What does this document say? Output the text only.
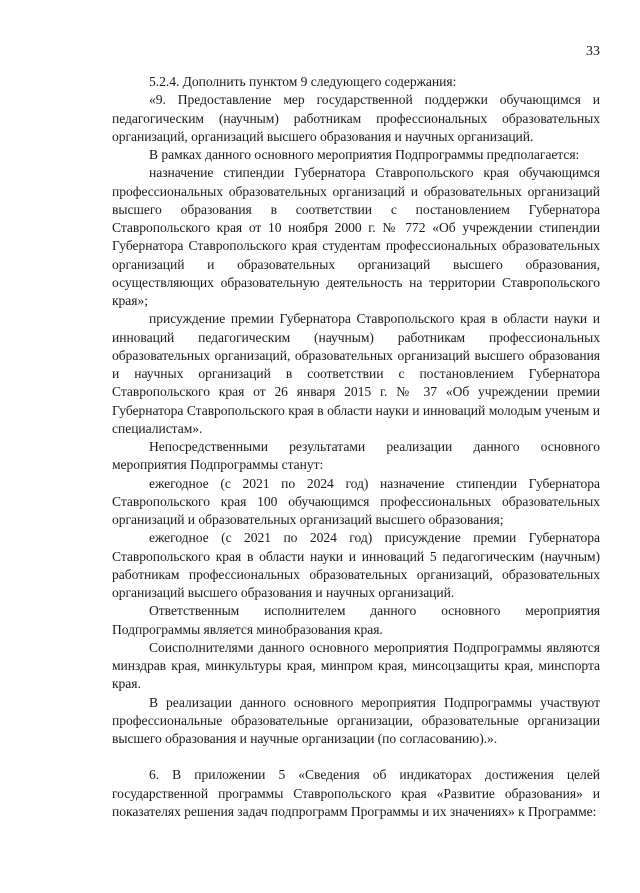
33

5.2.4. Дополнить пунктом 9 следующего содержания:

«9. Предоставление мер государственной поддержки обучающимся и педагогическим (научным) работникам профессиональных образовательных организаций, организаций высшего образования и научных организаций.

В рамках данного основного мероприятия Подпрограммы предполагается:

назначение стипендии Губернатора Ставропольского края обучающимся профессиональных образовательных организаций и образовательных организаций высшего образования в соответствии с постановлением Губернатора Ставропольского края от 10 ноября 2000 г. № 772 «Об учреждении стипендии Губернатора Ставропольского края студентам профессиональных образовательных организаций и образовательных организаций высшего образования, осуществляющих образовательную деятельность на территории Ставропольского края»;

присуждение премии Губернатора Ставропольского края в области науки и инноваций педагогическим (научным) работникам профессиональных образовательных организаций, образовательных организаций высшего образования и научных организаций в соответствии с постановлением Губернатора Ставропольского края от 26 января 2015 г. № 37 «Об учреждении премии Губернатора Ставропольского края в области науки и инноваций молодым ученым и специалистам».

Непосредственными результатами реализации данного основного мероприятия Подпрограммы станут:

ежегодное (с 2021 по 2024 год) назначение стипендии Губернатора Ставропольского края 100 обучающимся профессиональных образовательных организаций и образовательных организаций высшего образования;

ежегодное (с 2021 по 2024 год) присуждение премии Губернатора Ставропольского края в области науки и инноваций 5 педагогическим (научным) работникам профессиональных образовательных организаций, образовательных организаций высшего образования и научных организаций.

Ответственным исполнителем данного основного мероприятия Подпрограммы является минобразования края.

Соисполнителями данного основного мероприятия Подпрограммы являются минздрав края, минкультуры края, минпром края, минсоцзащиты края, минспорта края.

В реализации данного основного мероприятия Подпрограммы участвуют профессиональные образовательные организации, образовательные организации высшего образования и научные организации (по согласованию).».

6. В приложении 5 «Сведения об индикаторах достижения целей государственной программы Ставропольского края «Развитие образования» и показателях решения задач подпрограмм Программы и их значениях» к Программе:
